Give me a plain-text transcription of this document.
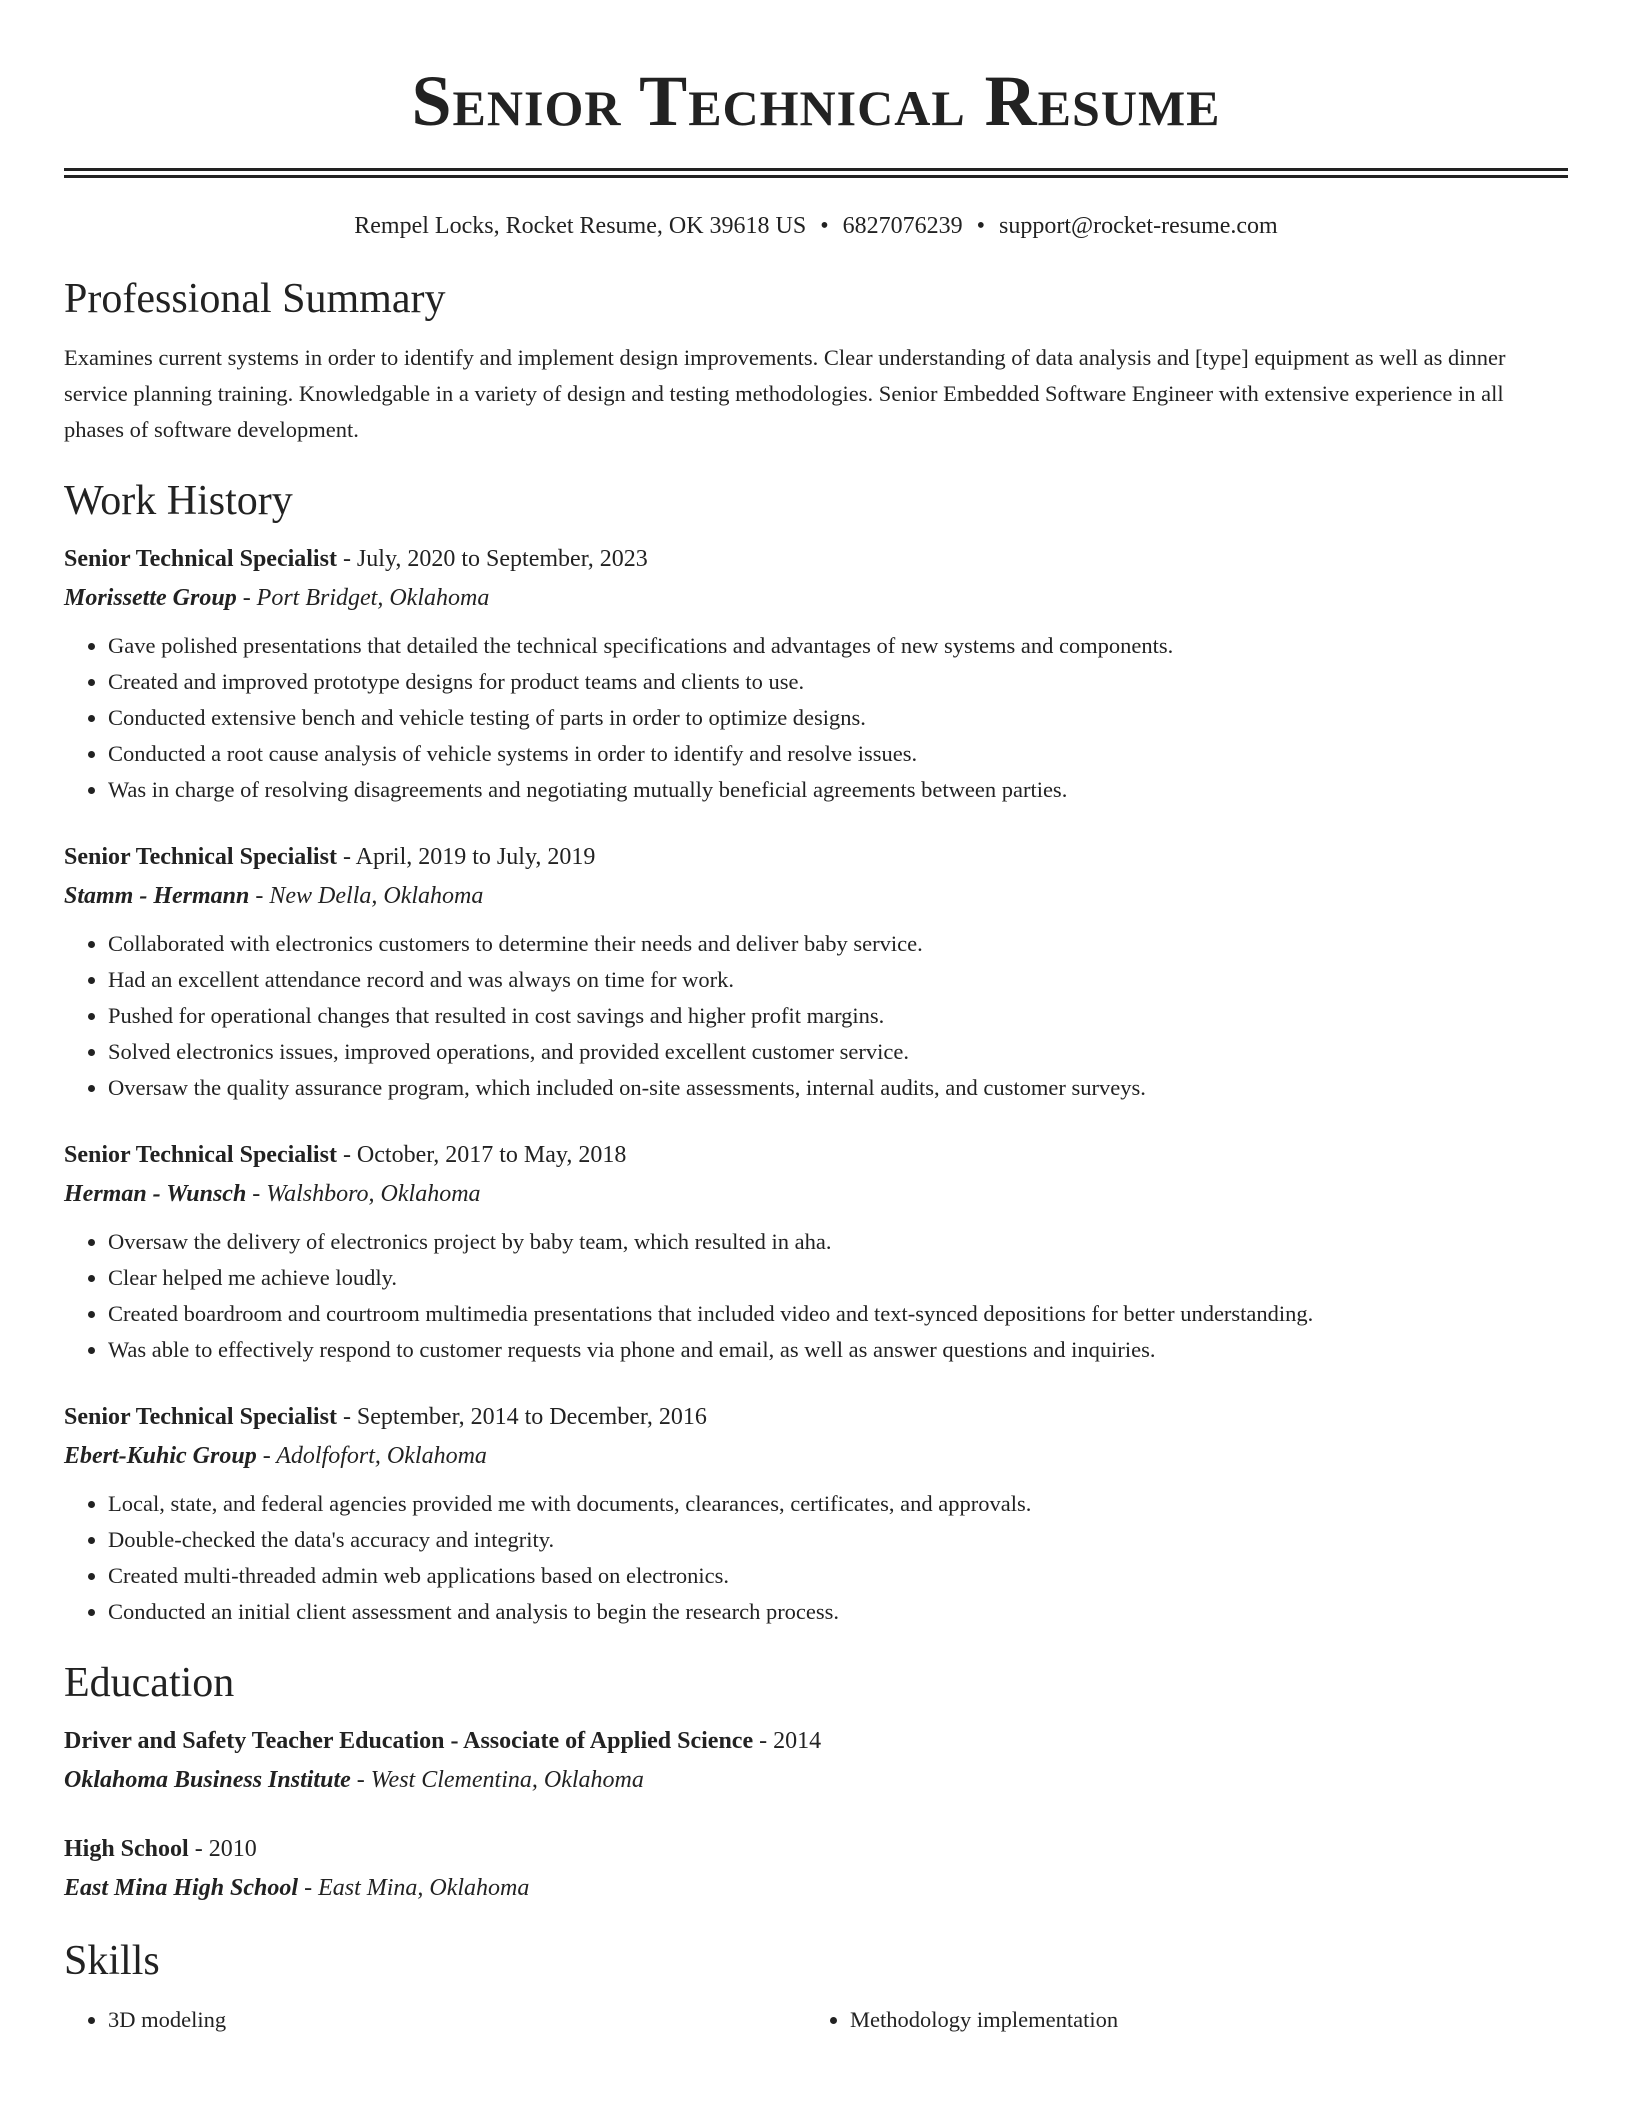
Senior Technical Resume
Rempel Locks, Rocket Resume, OK 39618 US • 6827076239 • support@rocket-resume.com
Professional Summary
Examines current systems in order to identify and implement design improvements. Clear understanding of data analysis and [type] equipment as well as dinner service planning training. Knowledgable in a variety of design and testing methodologies. Senior Embedded Software Engineer with extensive experience in all phases of software development.
Work History
Senior Technical Specialist - July, 2020 to September, 2023
Morissette Group - Port Bridget, Oklahoma
• Gave polished presentations that detailed the technical specifications and advantages of new systems and components.
• Created and improved prototype designs for product teams and clients to use.
• Conducted extensive bench and vehicle testing of parts in order to optimize designs.
• Conducted a root cause analysis of vehicle systems in order to identify and resolve issues.
• Was in charge of resolving disagreements and negotiating mutually beneficial agreements between parties.
Senior Technical Specialist - April, 2019 to July, 2019
Stamm - Hermann - New Della, Oklahoma
• Collaborated with electronics customers to determine their needs and deliver baby service.
• Had an excellent attendance record and was always on time for work.
• Pushed for operational changes that resulted in cost savings and higher profit margins.
• Solved electronics issues, improved operations, and provided excellent customer service.
• Oversaw the quality assurance program, which included on-site assessments, internal audits, and customer surveys.
Senior Technical Specialist - October, 2017 to May, 2018
Herman - Wunsch - Walshboro, Oklahoma
• Oversaw the delivery of electronics project by baby team, which resulted in aha.
• Clear helped me achieve loudly.
• Created boardroom and courtroom multimedia presentations that included video and text-synced depositions for better understanding.
• Was able to effectively respond to customer requests via phone and email, as well as answer questions and inquiries.
Senior Technical Specialist - September, 2014 to December, 2016
Ebert-Kuhic Group - Adolfofort, Oklahoma
• Local, state, and federal agencies provided me with documents, clearances, certificates, and approvals.
• Double-checked the data's accuracy and integrity.
• Created multi-threaded admin web applications based on electronics.
• Conducted an initial client assessment and analysis to begin the research process.
Education
Driver and Safety Teacher Education - Associate of Applied Science - 2014
Oklahoma Business Institute - West Clementina, Oklahoma
High School - 2010
East Mina High School - East Mina, Oklahoma
Skills
• 3D modeling
•	Methodology implementation
